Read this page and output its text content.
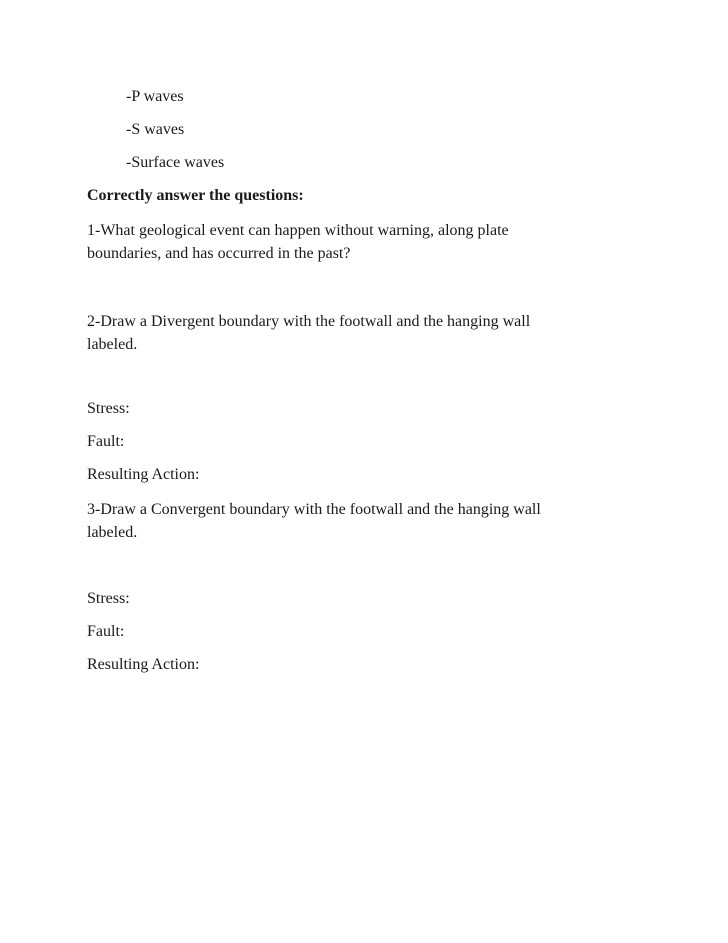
-P waves
-S waves
-Surface waves
Correctly answer the questions:
1-What geological event can happen without warning, along plate
boundaries, and has occurred in the past?
2-Draw a Divergent boundary with the footwall and the hanging wall
labeled.
Stress:
Fault:
Resulting Action:
3-Draw a Convergent boundary with the footwall and the hanging wall
labeled.
Stress:
Fault:
Resulting Action:
